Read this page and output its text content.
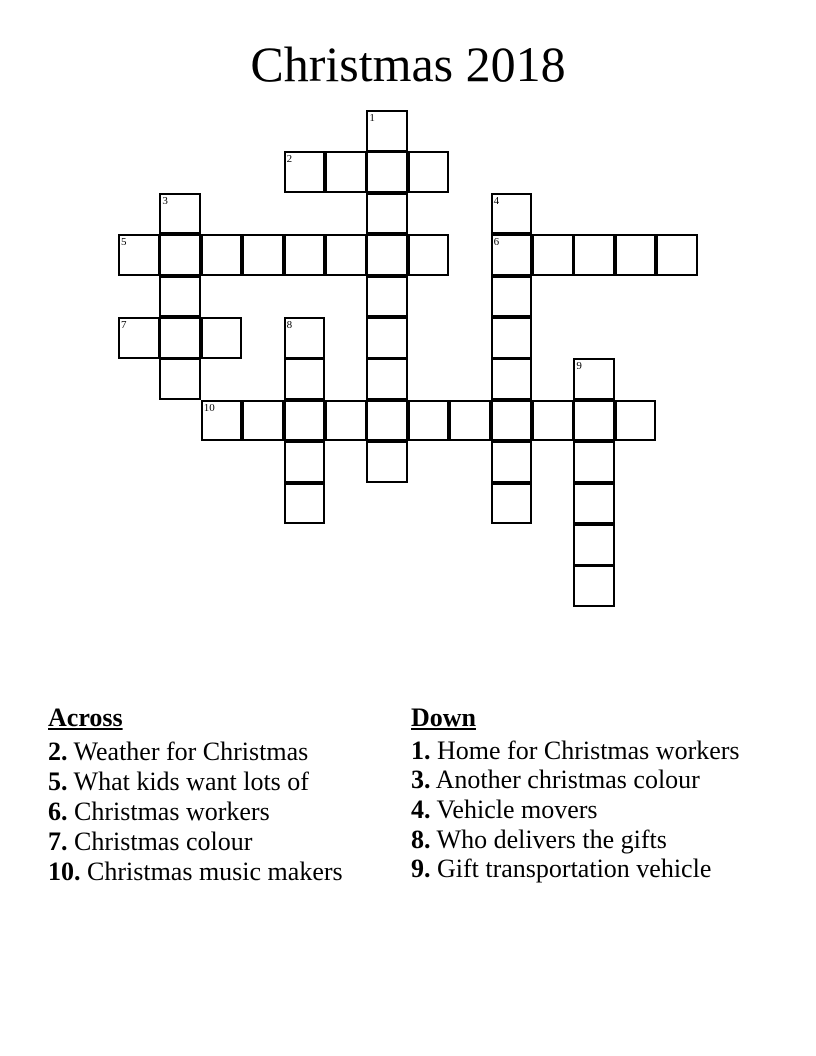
Christmas 2018
1
2
3	4
5	6
7	8
9
10
Across
2. Weather for Christmas
5. What kids want lots of
6. Christmas workers
7. Christmas colour
10. Christmas music makers
Down
1. Home for Christmas workers
3. Another christmas colour
4. Vehicle movers
8. Who delivers the gifts
9. Gift transportation vehicle
